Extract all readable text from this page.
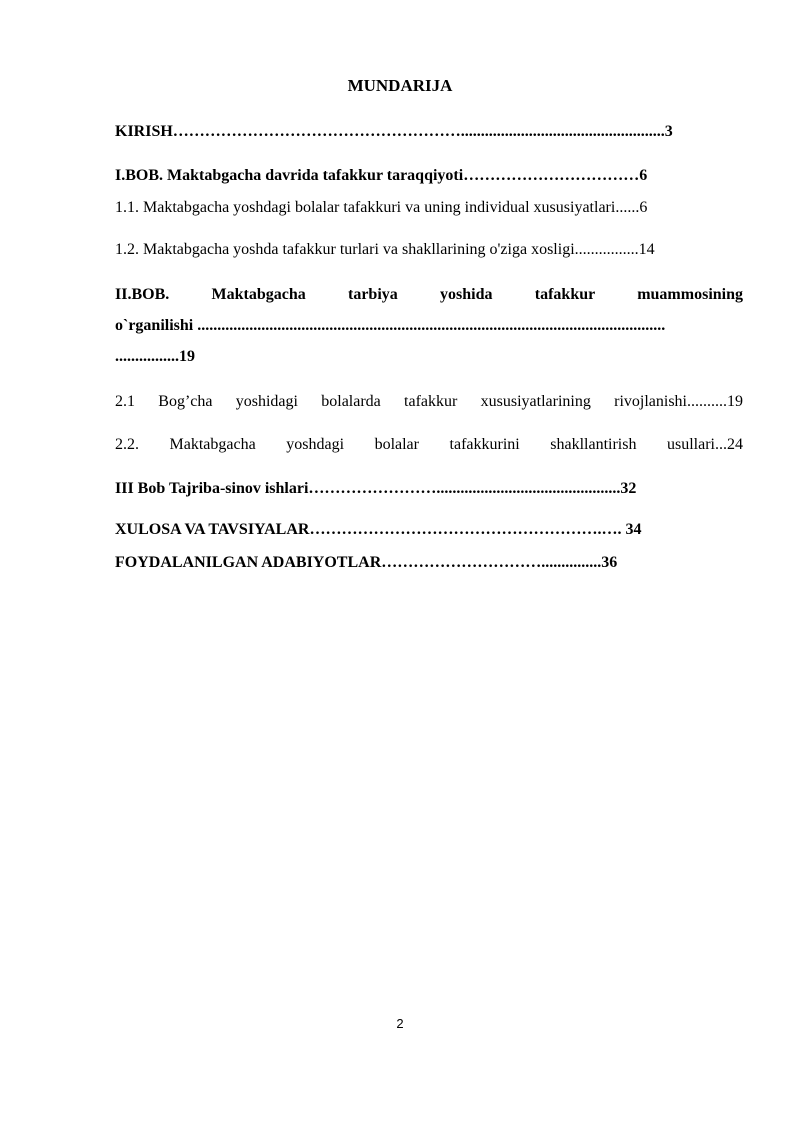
MUNDARIJA
KIRISH………………………………………………...................................................3
I.BOB. Maktabgacha davrida tafakkur taraqqiyoti……………………………6
1.1. Maktabgacha yoshdagi bolalar tafakkuri va uning individual xususiyatlari......6
1.2. Maktabgacha yoshda tafakkur turlari va shakllarining o'ziga xosligi................14
II.BOB. Maktabgacha tarbiya yoshida tafakkur muammosining
o`rganilishi .....................................................................................................................
................19
2.1 Bog’cha yoshidagi bolalarda tafakkur xususiyatlarining rivojlanishi..........19
2.2. Maktabgacha yoshdagi bolalar tafakkurini shakllantirish usullari...24
III Bob Tajriba-sinov ishlari……………………..............................................32
XULOSA VA TAVSIYALAR……………………………………………….…. 34
FOYDALANILGAN ADABIYOTLAR…………………………...............36
2
